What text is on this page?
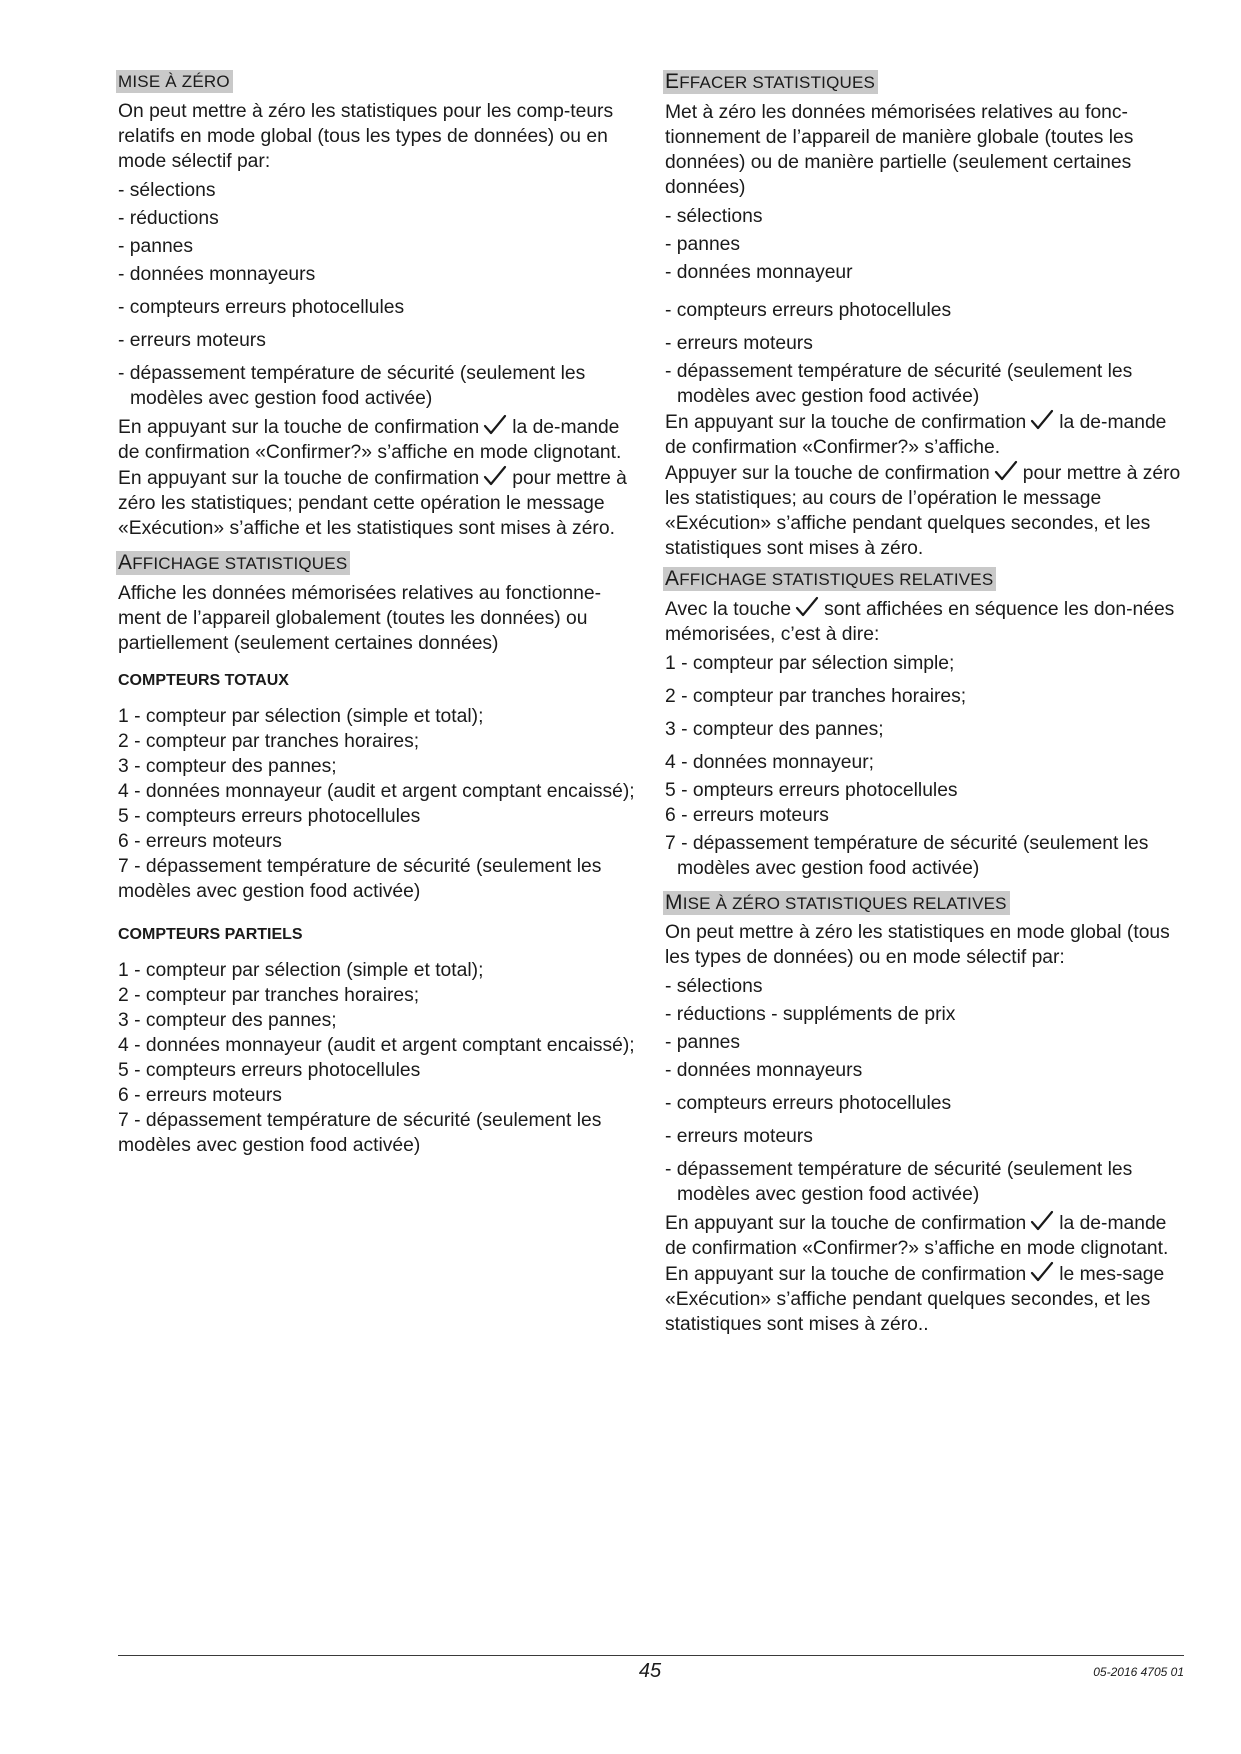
MISE À ZÉRO

On peut mettre à zéro les statistiques pour les comp-teurs relatifs en mode global (tous les types de données) ou en mode sélectif par:

- sélections

- réductions

- pannes

- données monnayeurs

- compteurs erreurs photocellules

- erreurs moteurs

- dépassement température de sécurité (seulement les modèles avec gestion food activée)

En appuyant sur la touche de confirmation la de-mande de confirmation «Confirmer?» s’affiche en mode clignotant.

En appuyant sur la touche de confirmation pour mettre à zéro les statistiques; pendant cette opération le message «Exécution» s’affiche et les statistiques sont mises à zéro.

AFFICHAGE STATISTIQUES

Affiche les données mémorisées relatives au fonctionne-ment de l’appareil globalement (toutes les données) ou partiellement (seulement certaines données)

COMPTEURS TOTAUX

1 - compteur par sélection (simple et total);

2 - compteur par tranches horaires;

3 - compteur des pannes;

4 - données monnayeur (audit et argent comptant encaissé);

5 - compteurs erreurs photocellules

6 - erreurs moteurs

7 - dépassement température de sécurité (seulement les modèles avec gestion food activée)

COMPTEURS PARTIELS

1 - compteur par sélection (simple et total);

2 - compteur par tranches horaires;

3 - compteur des pannes;

4 - données monnayeur (audit et argent comptant encaissé);

5 - compteurs erreurs photocellules

6 - erreurs moteurs

7 - dépassement température de sécurité (seulement les modèles avec gestion food activée)

EFFACER STATISTIQUES

Met à zéro les données mémorisées relatives au fonc-tionnement de l’appareil de manière globale (toutes les données) ou de manière partielle (seulement certaines données)

- sélections

- pannes

- données monnayeur

- compteurs erreurs photocellules

- erreurs moteurs

- dépassement température de sécurité (seulement les modèles avec gestion food activée)

En appuyant sur la touche de confirmation la de-mande de confirmation «Confirmer?» s’affiche.

Appuyer sur la touche de confirmation pour mettre à zéro les statistiques; au cours de l’opération le message «Exécution» s’affiche pendant quelques secondes, et les statistiques sont mises à zéro.

AFFICHAGE STATISTIQUES RELATIVES

Avec la touche sont affichées en séquence les don-nées mémorisées, c’est à dire:

1 - compteur par sélection simple;

2 - compteur par tranches horaires;

3 - compteur des pannes;

4 - données monnayeur;

5 - ompteurs erreurs photocellules

6 - erreurs moteurs

7 - dépassement température de sécurité (seulement les modèles avec gestion food activée)

MISE À ZÉRO STATISTIQUES RELATIVES

On peut mettre à zéro les statistiques en mode global (tous les types de données) ou en mode sélectif par:

- sélections

- réductions - suppléments de prix

- pannes

- données monnayeurs

- compteurs erreurs photocellules

- erreurs moteurs

- dépassement température de sécurité (seulement les modèles avec gestion food activée)

En appuyant sur la touche de confirmation la de-mande de confirmation «Confirmer?» s’affiche en mode clignotant.

En appuyant sur la touche de confirmation le mes-sage «Exécution» s’affiche pendant quelques secondes, et les statistiques sont mises à zéro..

45	05-2016 4705 01
